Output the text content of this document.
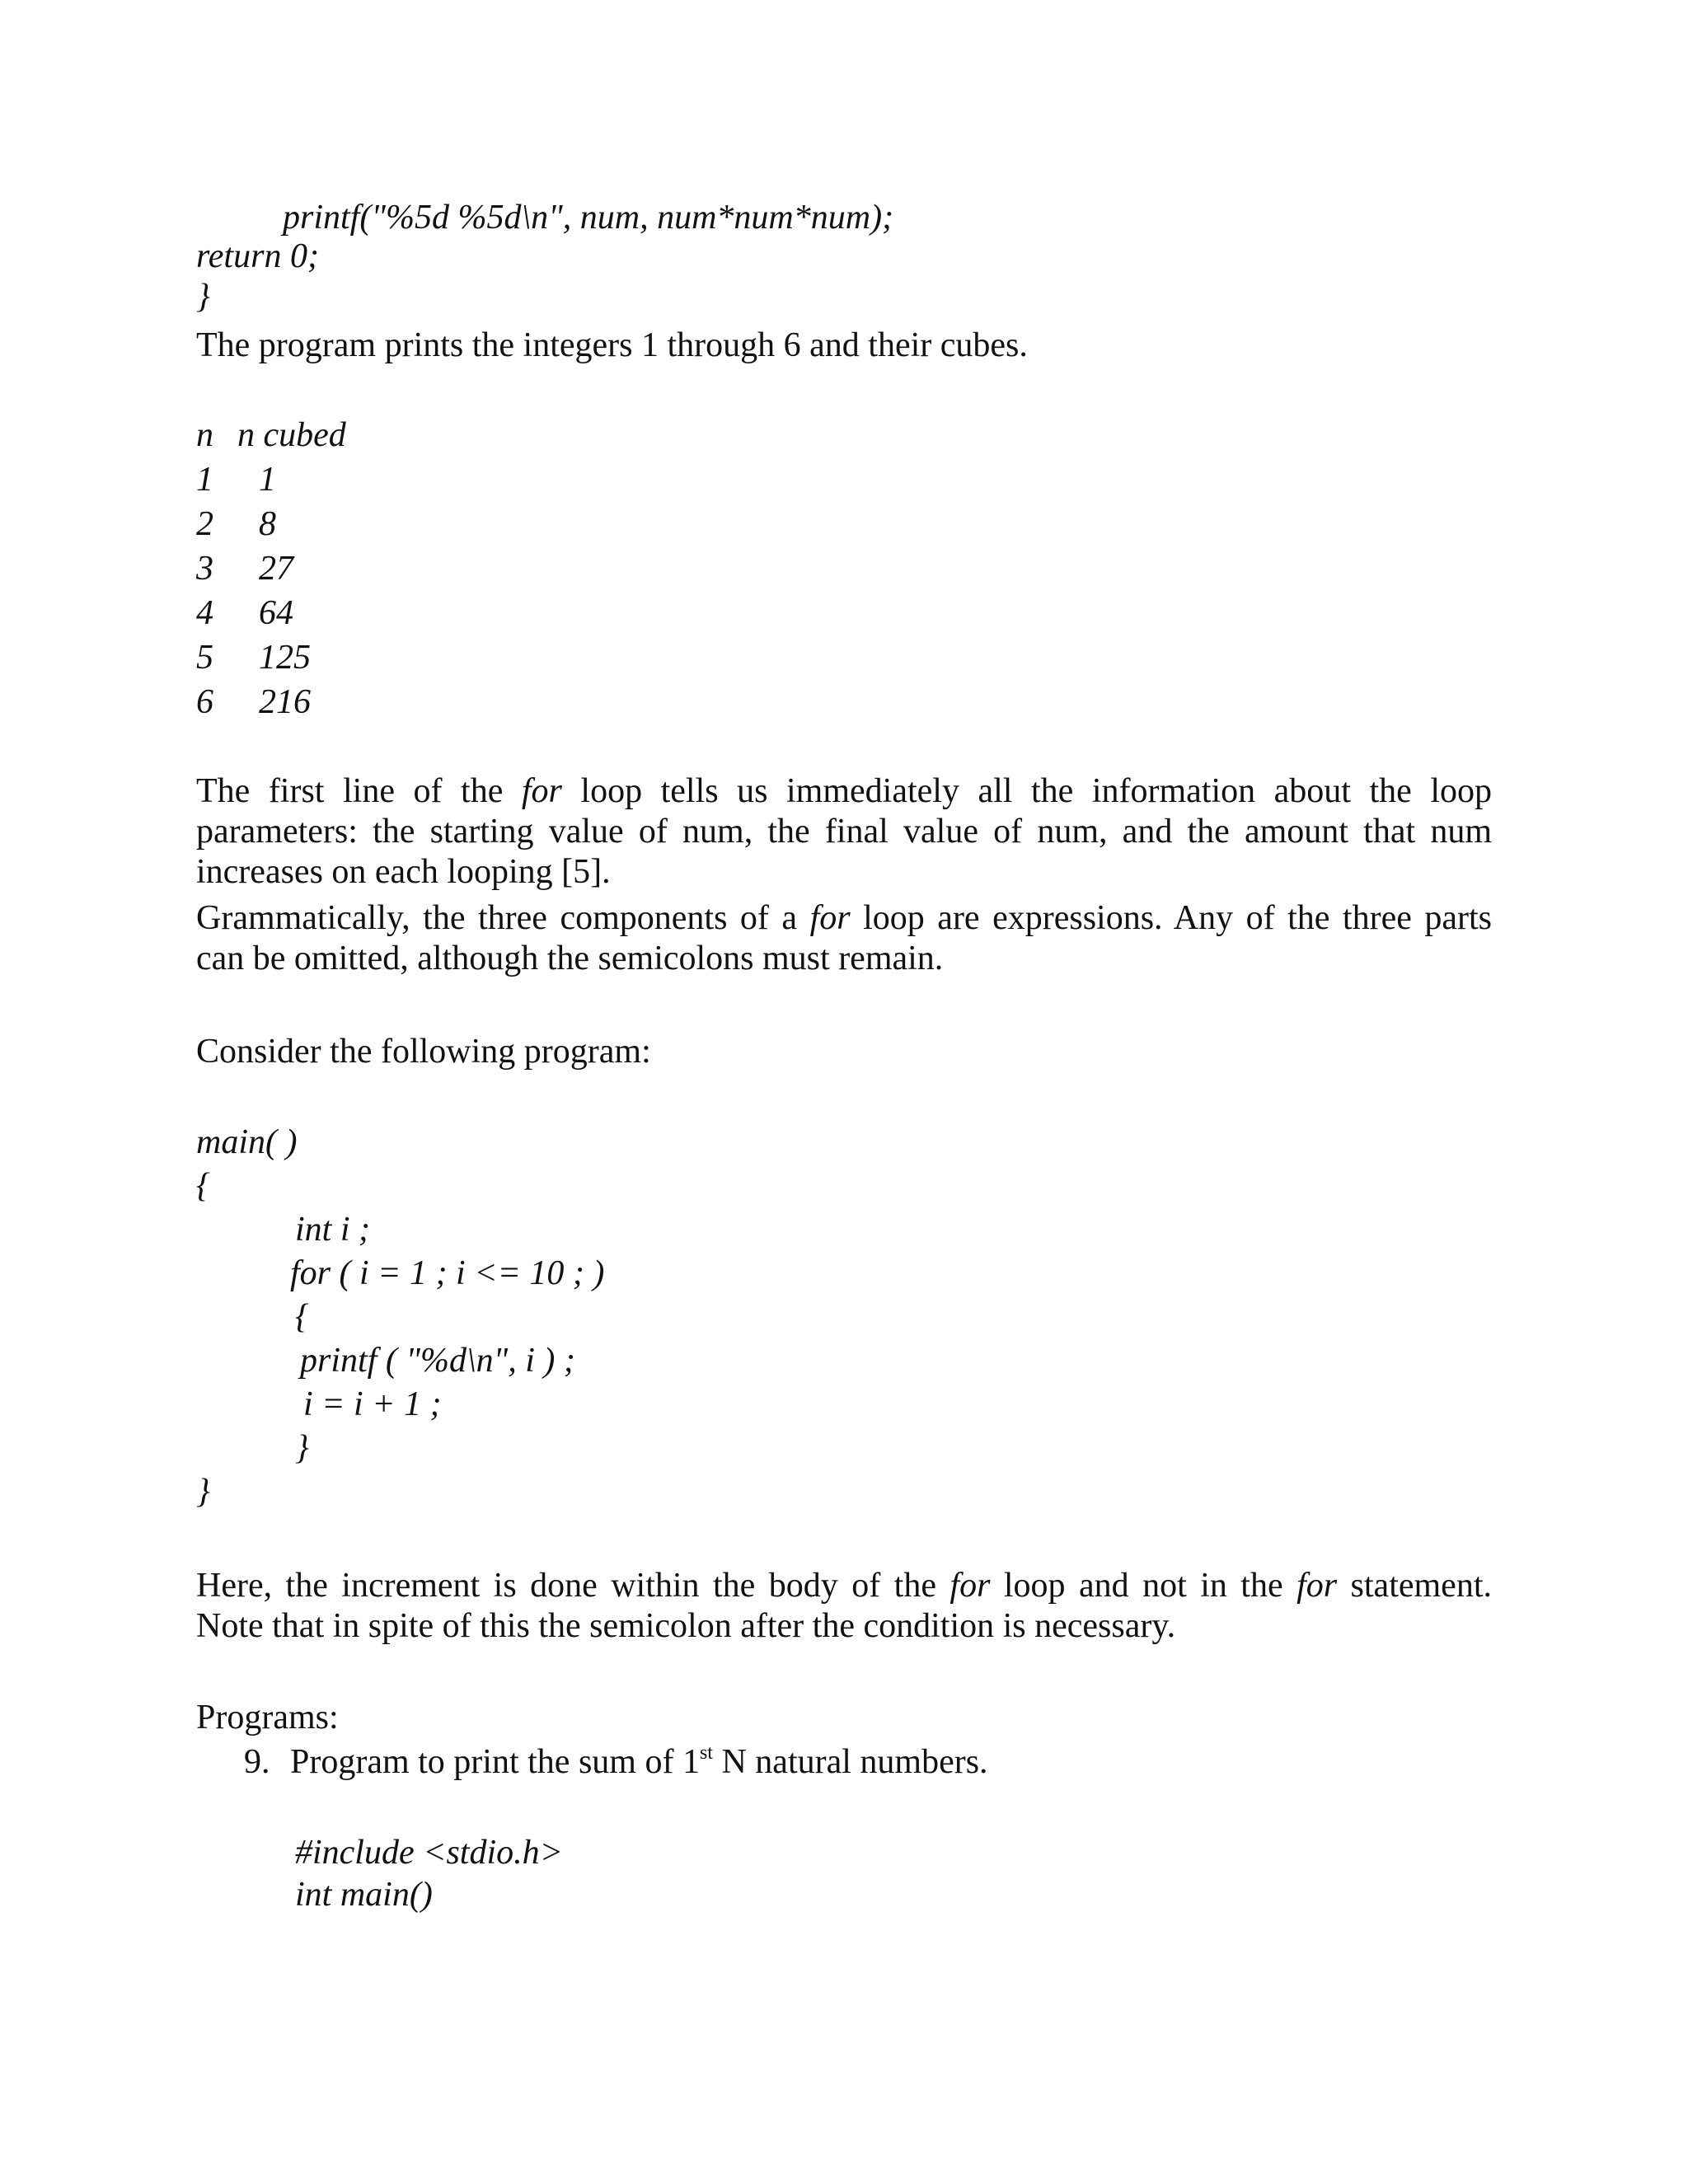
printf("%5d %5d\n", num, num*num*num);
return 0;
}
The program prints the integers 1 through 6 and their cubes.
n n cubed
1 1
2 8
3 27
4 64
5 125
6 216
The first line of the for loop tells us immediately all the information about the loop
parameters: the starting value of num, the final value of num, and the amount that num
increases on each looping [5].
Grammatically, the three components of a for loop are expressions. Any of the three parts
can be omitted, although the semicolons must remain.
Consider the following program:
main( )
{
int i ;
for ( i = 1 ; i <= 10 ; )
{
printf ( "%d\n", i ) ;
i = i + 1 ;
}
}
Here, the increment is done within the body of the for loop and not in the for statement.
Note that in spite of this the semicolon after the condition is necessary.
Programs:
9. Program to print the sum of 1st N natural numbers.
#include <stdio.h>
int main()
